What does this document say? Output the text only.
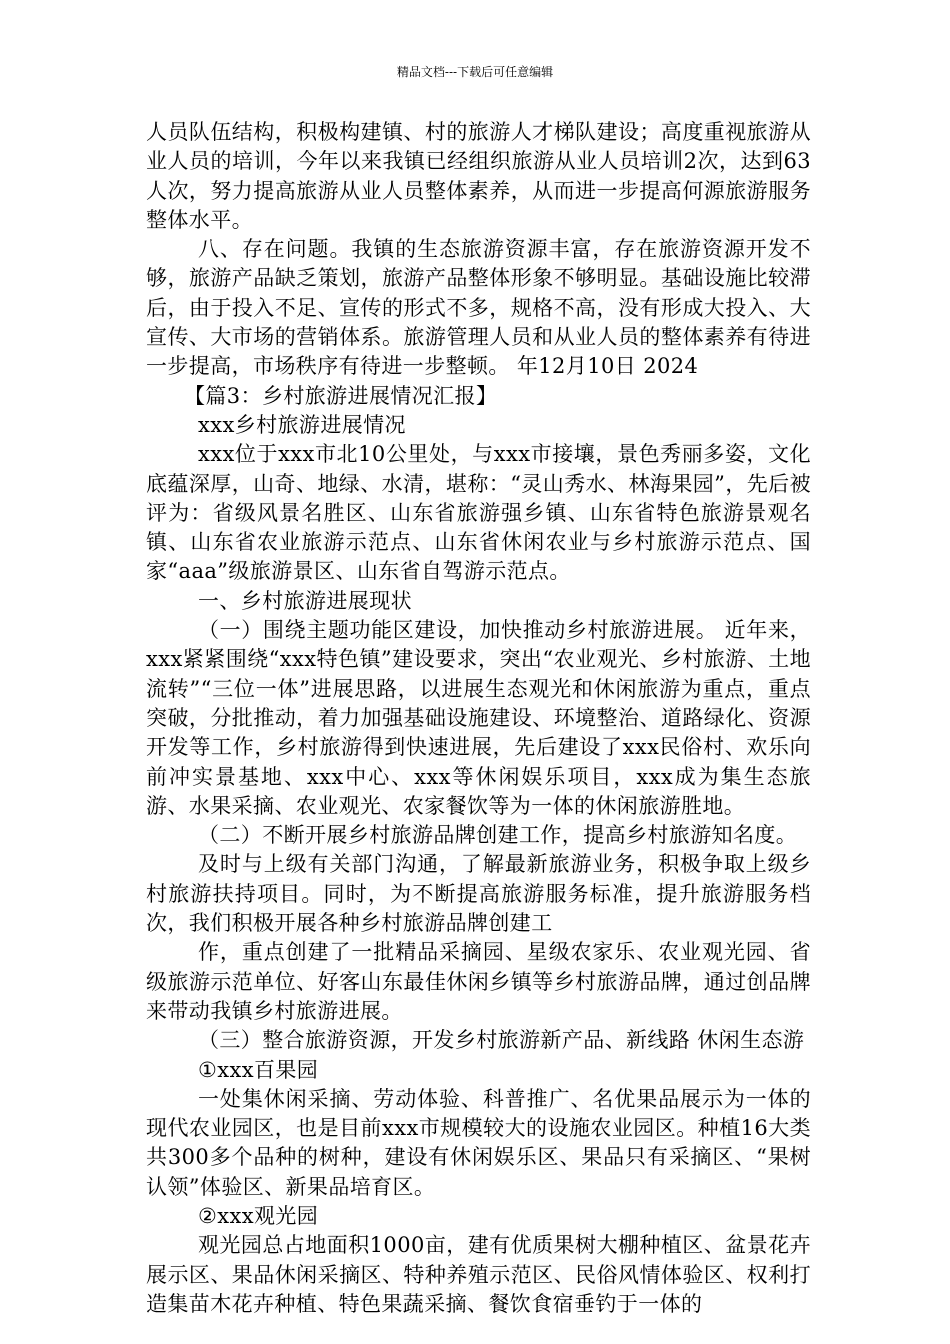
精品文档---下载后可任意编辑

人员队伍结构，积极构建镇、村的旅游人才梯队建设；高度重视旅游从业人员的培训，今年以来我镇已经组织旅游从业人员培训2次，达到63人次，努力提高旅游从业人员整体素养，从而进一步提高何源旅游服务整体水平。

八、存在问题。我镇的生态旅游资源丰富，存在旅游资源开发不够，旅游产品缺乏策划，旅游产品整体形象不够明显。基础设施比较滞后，由于投入不足、宣传的形式不多，规格不高，没有形成大投入、大宣传、大市场的营销体系。旅游管理人员和从业人员的整体素养有待进一步提高，市场秩序有待进一步整顿。 年12月10日 2024

【篇3：乡村旅游进展情况汇报】

xxx乡村旅游进展情况

xxx位于xxx市北10公里处，与xxx市接壤，景色秀丽多姿，文化底蕴深厚，山奇、地绿、水清，堪称：“灵山秀水、林海果园”，先后被评为：省级风景名胜区、山东省旅游强乡镇、山东省特色旅游景观名镇、山东省农业旅游示范点、山东省休闲农业与乡村旅游示范点、国家“aaa”级旅游景区、山东省自驾游示范点。

一、乡村旅游进展现状

（一）围绕主题功能区建设，加快推动乡村旅游进展。 近年来，xxx紧紧围绕“xxx特色镇”建设要求，突出“农业观光、乡村旅游、土地流转”“三位一体”进展思路，以进展生态观光和休闲旅游为重点，重点突破，分批推动，着力加强基础设施建设、环境整治、道路绿化、资源开发等工作，乡村旅游得到快速进展，先后建设了xxx民俗村、欢乐向前冲实景基地、xxx中心、xxx等休闲娱乐项目，xxx成为集生态旅游、水果采摘、农业观光、农家餐饮等为一体的休闲旅游胜地。

（二）不断开展乡村旅游品牌创建工作，提高乡村旅游知名度。

及时与上级有关部门沟通，了解最新旅游业务，积极争取上级乡村旅游扶持项目。同时，为不断提高旅游服务标准，提升旅游服务档次，我们积极开展各种乡村旅游品牌创建工

作，重点创建了一批精品采摘园、星级农家乐、农业观光园、省级旅游示范单位、好客山东最佳休闲乡镇等乡村旅游品牌，通过创品牌来带动我镇乡村旅游进展。

（三）整合旅游资源，开发乡村旅游新产品、新线路 休闲生态游

①xxx百果园

一处集休闲采摘、劳动体验、科普推广、名优果品展示为一体的现代农业园区，也是目前xxx市规模较大的设施农业园区。种植16大类共300多个品种的树种，建设有休闲娱乐区、果品只有采摘区、“果树认领”体验区、新果品培育区。

②xxx观光园

观光园总占地面积1000亩，建有优质果树大棚种植区、盆景花卉展示区、果品休闲采摘区、特种养殖示范区、民俗风情体验区、权利打造集苗木花卉种植、特色果蔬采摘、餐饮食宿垂钓于一体的
